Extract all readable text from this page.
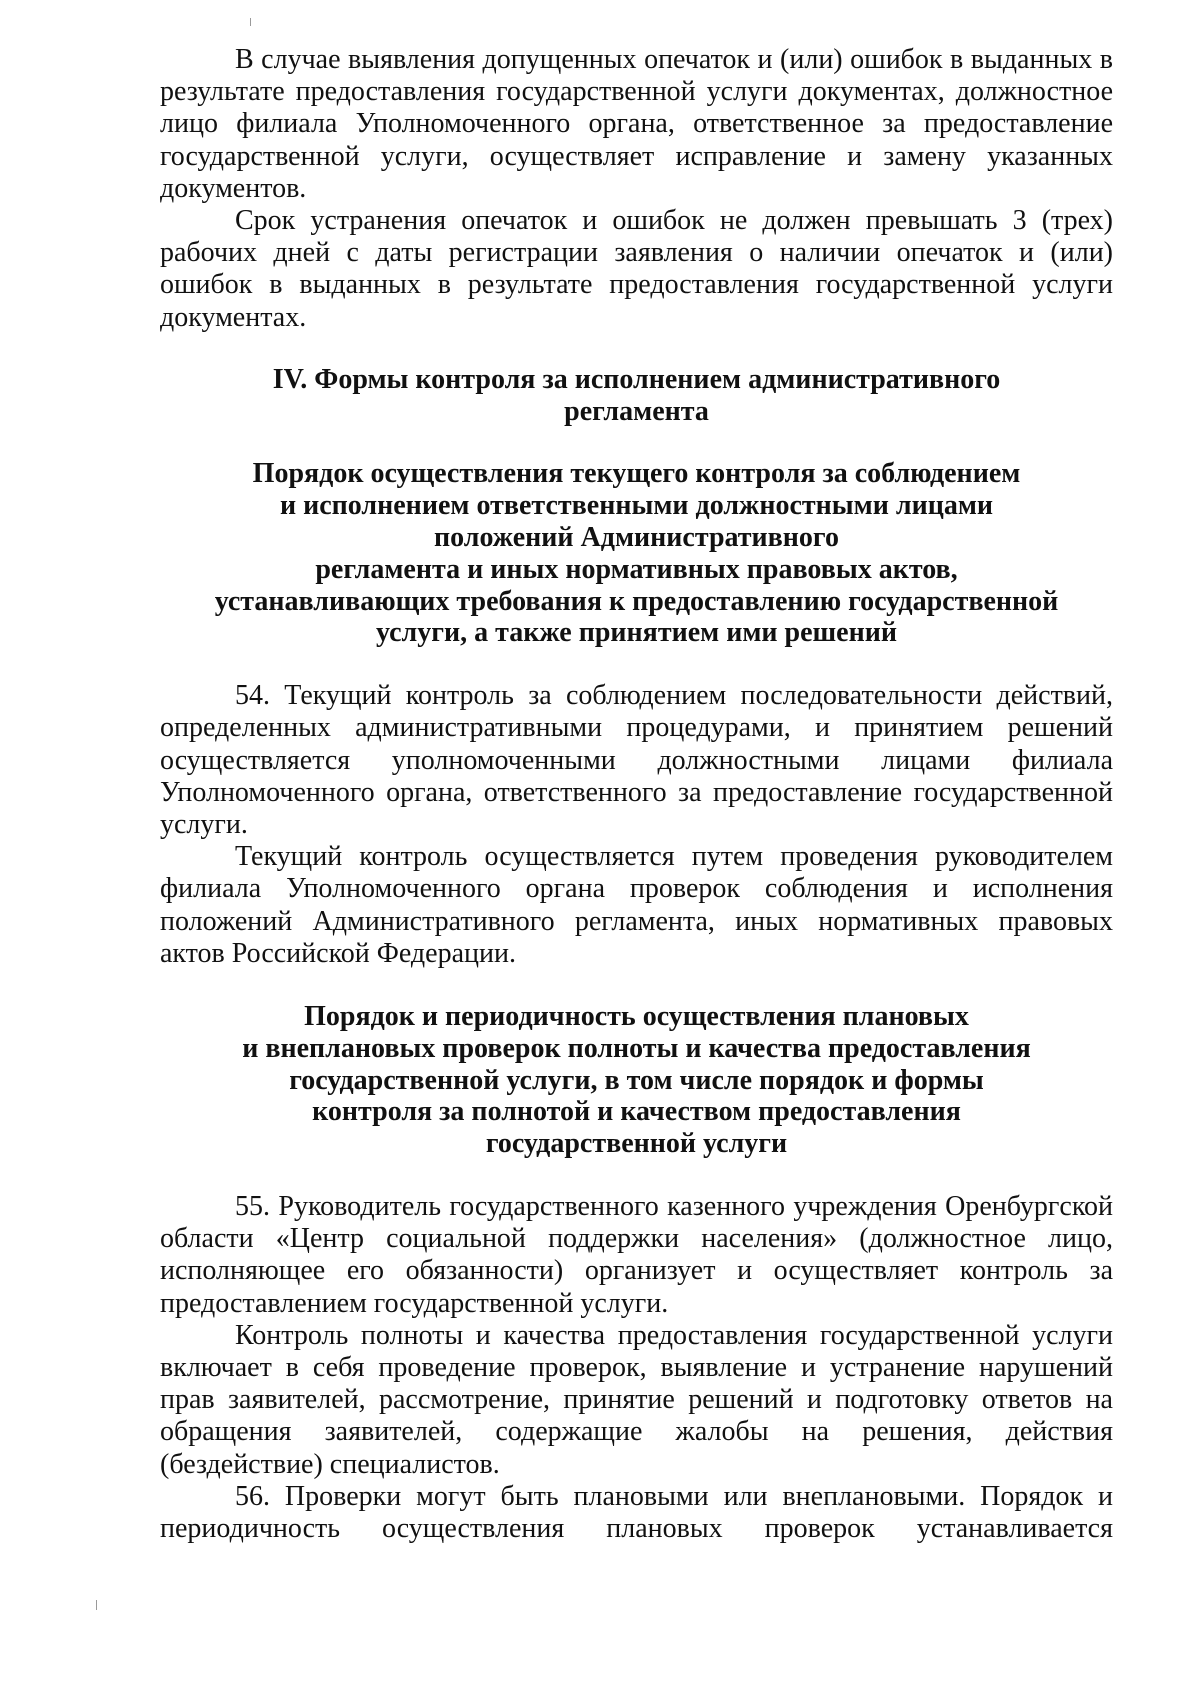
В случае выявления допущенных опечаток и (или) ошибок в выданных в результате предоставления государственной услуги документах, должностное лицо филиала Уполномоченного органа, ответственное за предоставление государственной услуги, осуществляет исправление и замену указанных документов.

Срок устранения опечаток и ошибок не должен превышать 3 (трех) рабочих дней с даты регистрации заявления о наличии опечаток и (или) ошибок в выданных в результате предоставления государственной услуги документах.

IV. Формы контроля за исполнением административного
регламента
Порядок осуществления текущего контроля за соблюдением
и исполнением ответственными должностными лицами
положений Административного
регламента и иных нормативных правовых актов,
устанавливающих требования к предоставлению государственной
услуги, а также принятием ими решений

54. Текущий контроль за соблюдением последовательности действий, определенных административными процедурами, и принятием решений осуществляется уполномоченными должностными лицами филиала Уполномоченного органа, ответственного за предоставление государственной услуги.

Текущий контроль осуществляется путем проведения руководителем филиала Уполномоченного органа проверок соблюдения и исполнения положений Административного регламента, иных нормативных правовых актов Российской Федерации.

Порядок и периодичность осуществления плановых
и внеплановых проверок полноты и качества предоставления
государственной услуги, в том числе порядок и формы
контроля за полнотой и качеством предоставления
государственной услуги

55. Руководитель государственного казенного учреждения Оренбургской области «Центр социальной поддержки населения» (должностное лицо, исполняющее его обязанности) организует и осуществляет контроль за предоставлением государственной услуги.

Контроль полноты и качества предоставления государственной услуги включает в себя проведение проверок, выявление и устранение нарушений прав заявителей, рассмотрение, принятие решений и подготовку ответов на обращения заявителей, содержащие жалобы на решения, действия (бездействие) специалистов.

56. Проверки могут быть плановыми или внеплановыми. Порядок и периодичность осуществления плановых проверок устанавливается
